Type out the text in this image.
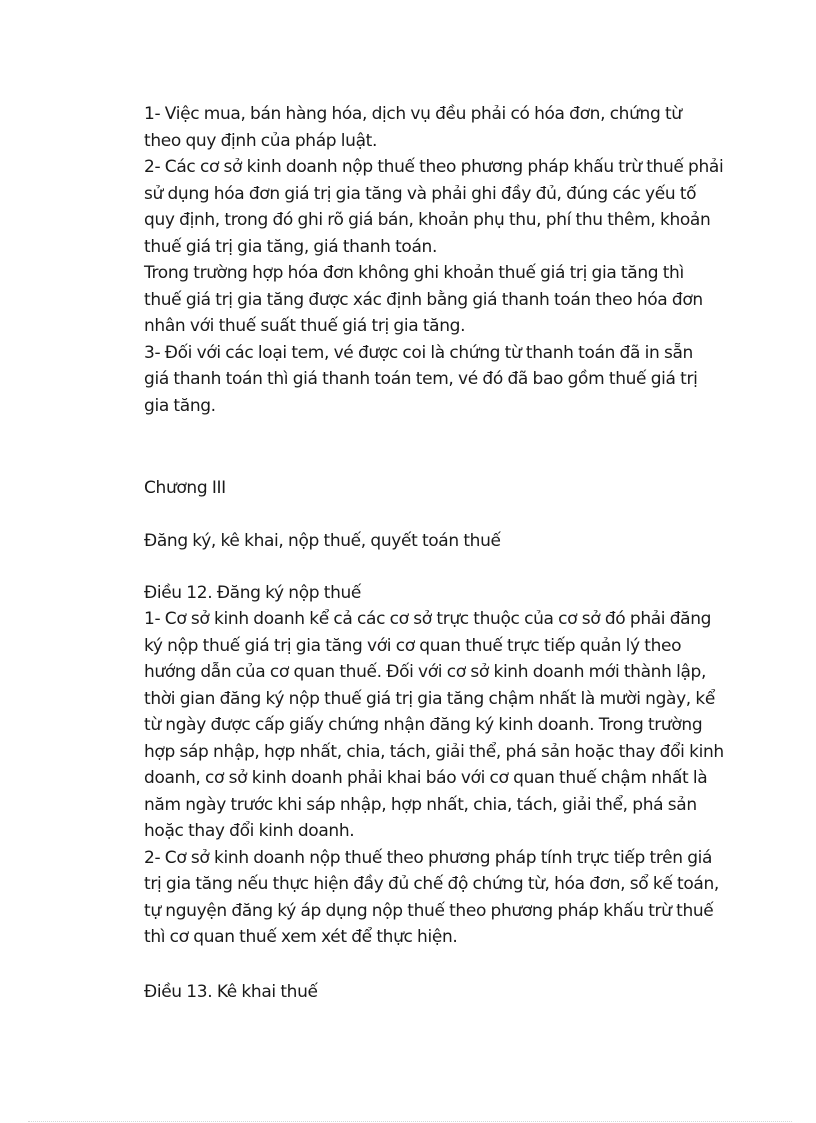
1- Việc mua, bán hàng hóa, dịch vụ đều phải có hóa đơn, chứng từ
theo quy định của pháp luật.
2- Các cơ sở kinh doanh nộp thuế theo phương pháp khấu trừ thuế phải
sử dụng hóa đơn giá trị gia tăng và phải ghi đầy đủ, đúng các yếu tố
quy định, trong đó ghi rõ giá bán, khoản phụ thu, phí thu thêm, khoản
thuế giá trị gia tăng, giá thanh toán.
Trong trường hợp hóa đơn không ghi khoản thuế giá trị gia tăng thì
thuế giá trị gia tăng được xác định bằng giá thanh toán theo hóa đơn
nhân với thuế suất thuế giá trị gia tăng.
3- Đối với các loại tem, vé được coi là chứng từ thanh toán đã in sẵn
giá thanh toán thì giá thanh toán tem, vé đó đã bao gồm thuế giá trị
gia tăng.
Chương III
Đăng ký, kê khai, nộp thuế, quyết toán thuế
Điều 12. Đăng ký nộp thuế
1- Cơ sở kinh doanh kể cả các cơ sở trực thuộc của cơ sở đó phải đăng
ký nộp thuế giá trị gia tăng với cơ quan thuế trực tiếp quản lý theo
hướng dẫn của cơ quan thuế. Đối với cơ sở kinh doanh mới thành lập,
thời gian đăng ký nộp thuế giá trị gia tăng chậm nhất là mười ngày, kể
từ ngày được cấp giấy chứng nhận đăng ký kinh doanh. Trong trường
hợp sáp nhập, hợp nhất, chia, tách, giải thể, phá sản hoặc thay đổi kinh
doanh, cơ sở kinh doanh phải khai báo với cơ quan thuế chậm nhất là
năm ngày trước khi sáp nhập, hợp nhất, chia, tách, giải thể, phá sản
hoặc thay đổi kinh doanh.
2- Cơ sở kinh doanh nộp thuế theo phương pháp tính trực tiếp trên giá
trị gia tăng nếu thực hiện đầy đủ chế độ chứng từ, hóa đơn, sổ kế toán,
tự nguyện đăng ký áp dụng nộp thuế theo phương pháp khấu trừ thuế
thì cơ quan thuế xem xét để thực hiện.
Điều 13. Kê khai thuế
